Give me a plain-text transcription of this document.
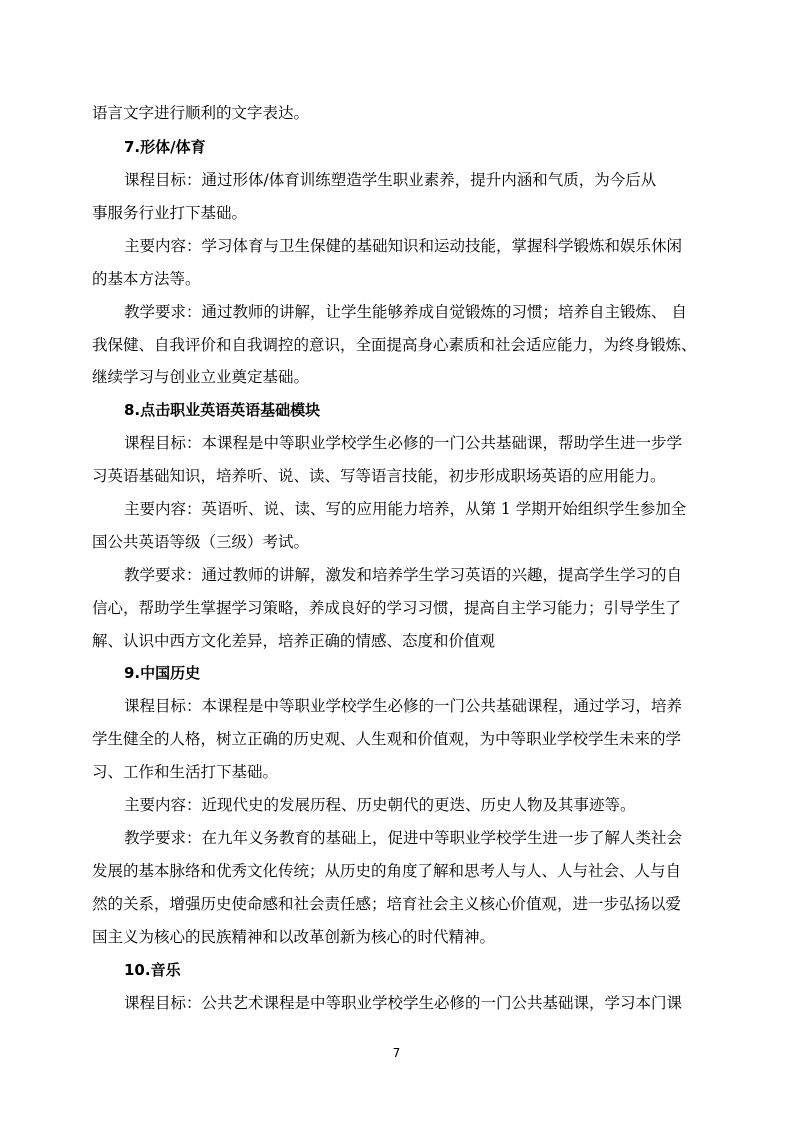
语言文字进行顺利的文字表达。
7.形体/体育
课程目标：通过形体/体育训练塑造学生职业素养，提升内涵和气质，为今后从
事服务行业打下基础。
主要内容：学习体育与卫生保健的基础知识和运动技能，掌握科学锻炼和娱乐休闲
的基本方法等。
教学要求：通过教师的讲解，让学生能够养成自觉锻炼的习惯；培养自主锻炼、 自
我保健、自我评价和自我调控的意识，全面提高身心素质和社会适应能力，为终身锻炼、
继续学习与创业立业奠定基础。
8.点击职业英语英语基础模块
课程目标：本课程是中等职业学校学生必修的一门公共基础课，帮助学生进一步学
习英语基础知识，培养听、说、读、写等语言技能，初步形成职场英语的应用能力。
主要内容：英语听、说、读、写的应用能力培养，从第 1 学期开始组织学生参加全
国公共英语等级（三级）考试。
教学要求：通过教师的讲解，激发和培养学生学习英语的兴趣，提高学生学习的自
信心，帮助学生掌握学习策略，养成良好的学习习惯，提高自主学习能力；引导学生了
解、认识中西方文化差异，培养正确的情感、态度和价值观
9.中国历史
课程目标：本课程是中等职业学校学生必修的一门公共基础课程，通过学习，培养
学生健全的人格，树立正确的历史观、人生观和价值观，为中等职业学校学生未来的学
习、工作和生活打下基础。
主要内容：近现代史的发展历程、历史朝代的更迭、历史人物及其事迹等。
教学要求：在九年义务教育的基础上，促进中等职业学校学生进一步了解人类社会
发展的基本脉络和优秀文化传统；从历史的角度了解和思考人与人、人与社会、人与自
然的关系，增强历史使命感和社会责任感；培育社会主义核心价值观，进一步弘扬以爱
国主义为核心的民族精神和以改革创新为核心的时代精神。
10.音乐
课程目标：公共艺术课程是中等职业学校学生必修的一门公共基础课，学习本门课
7
